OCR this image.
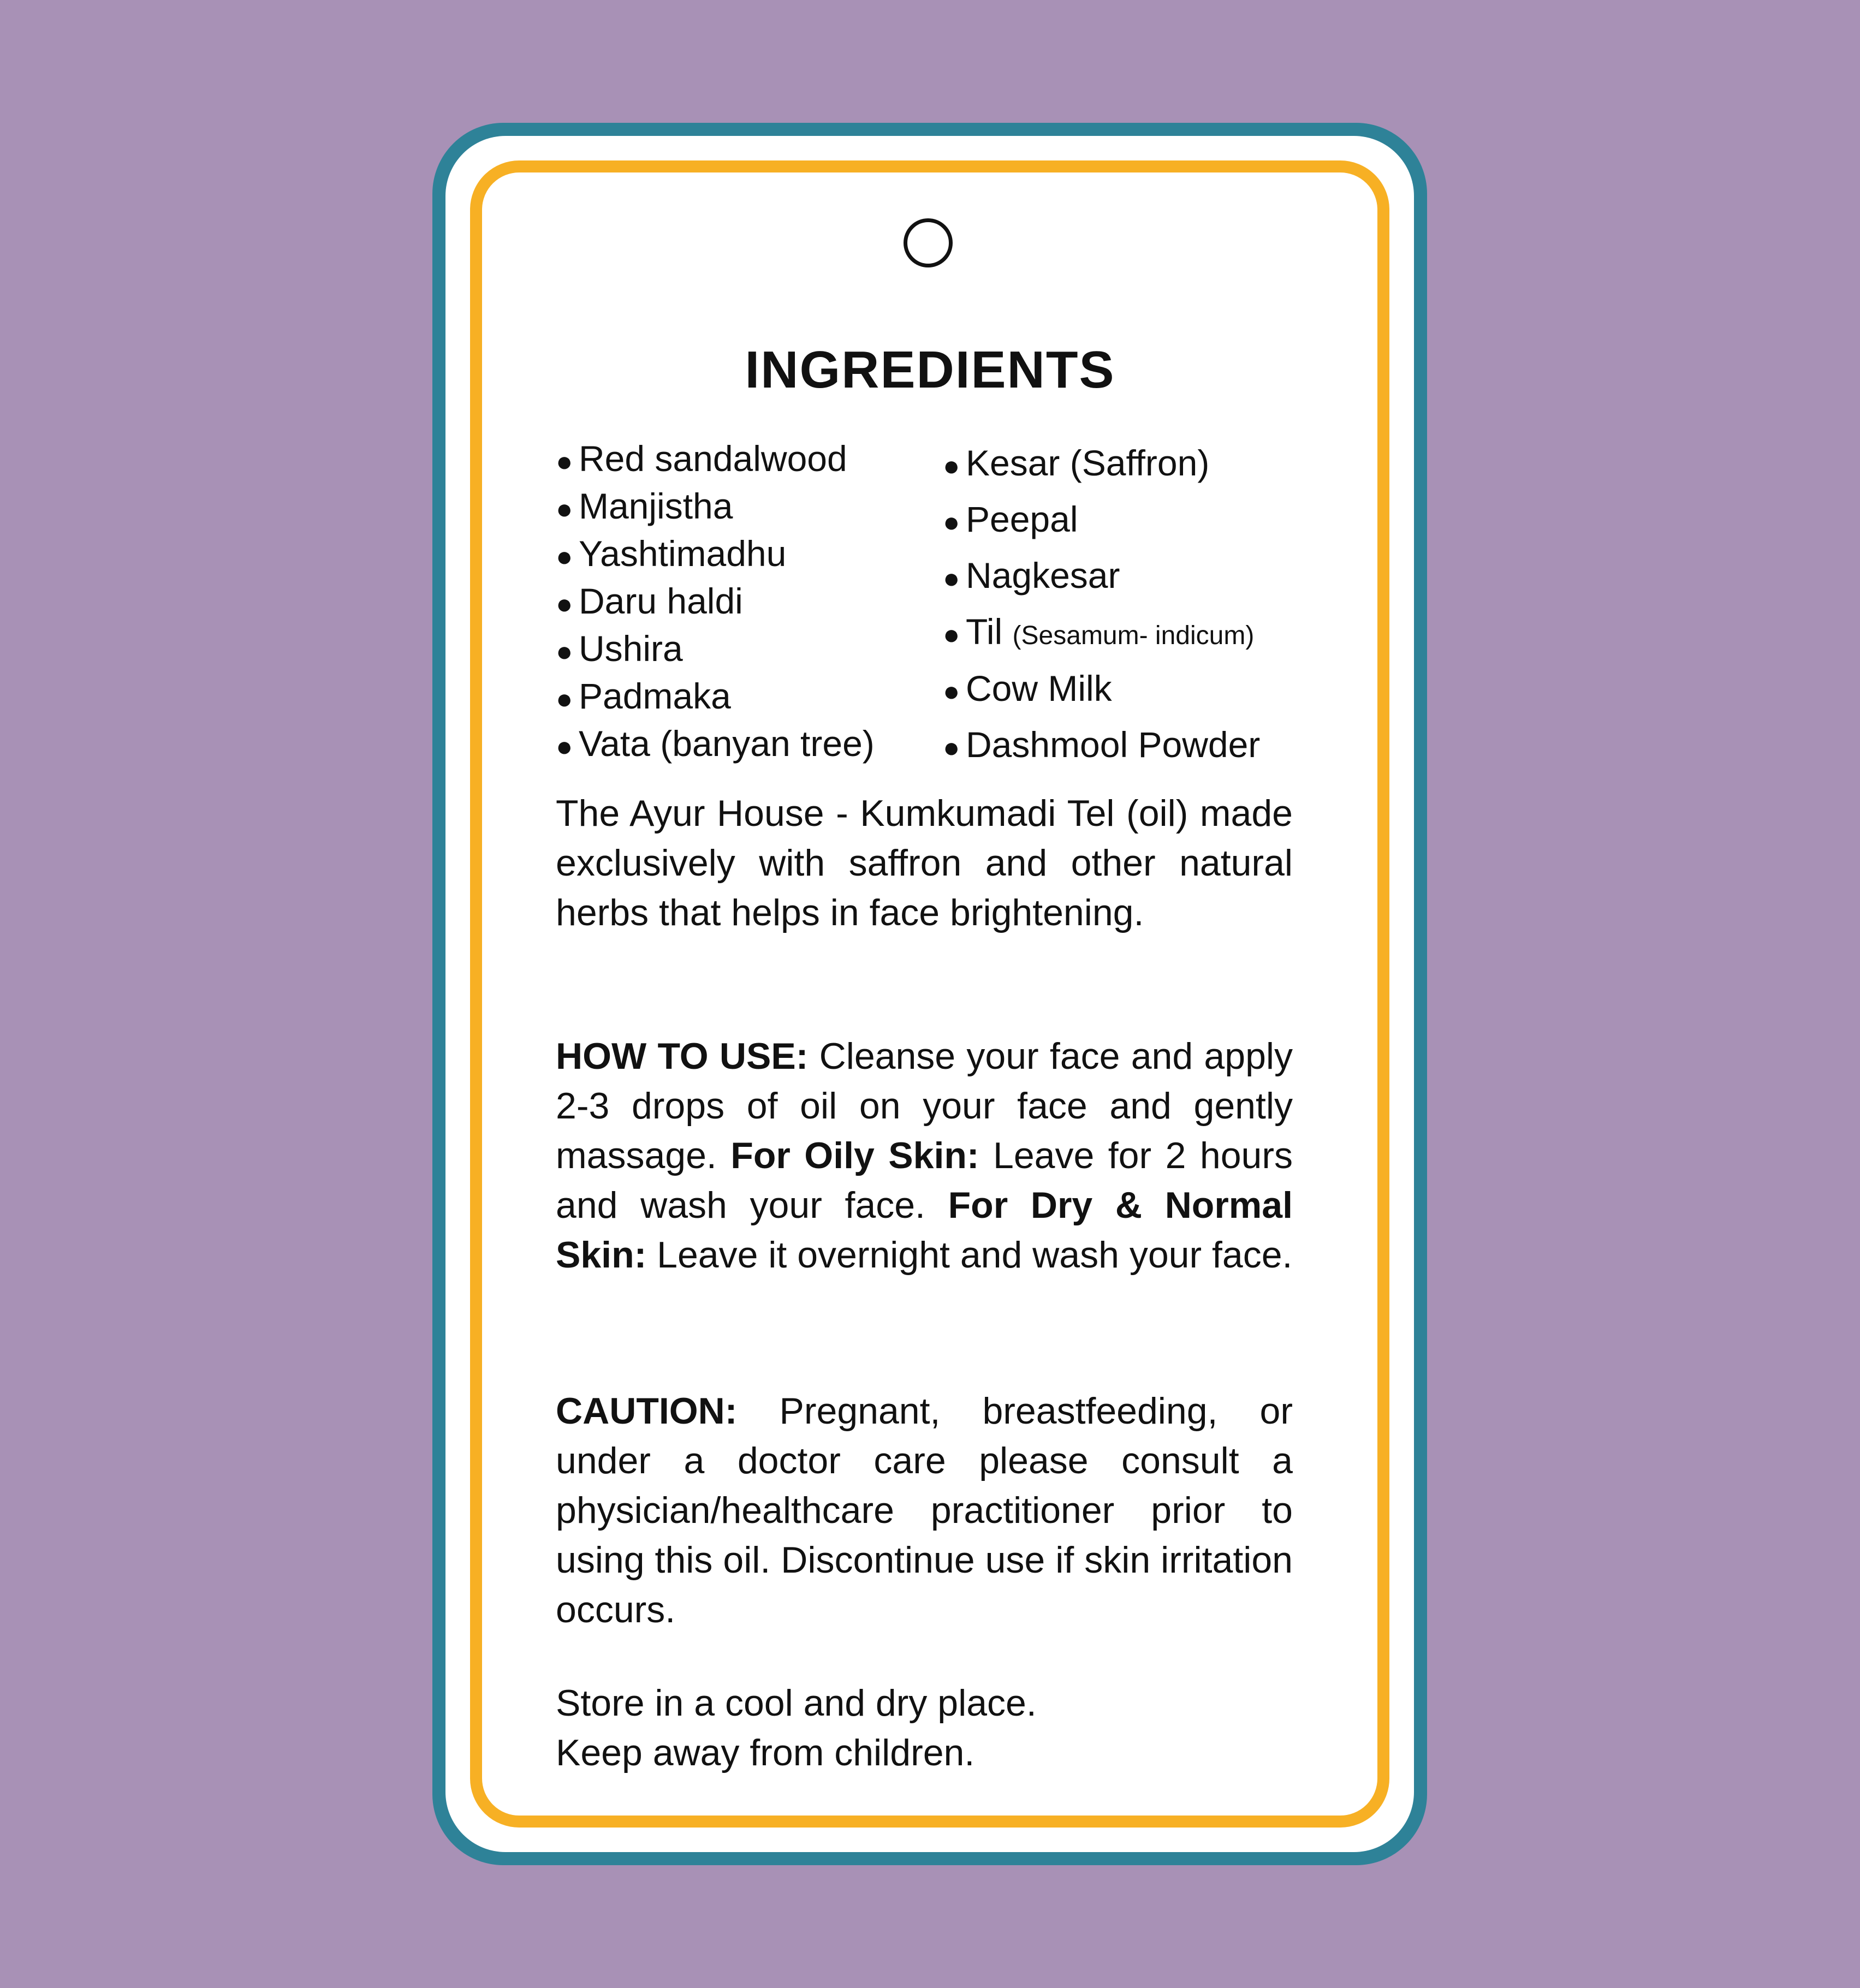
INGREDIENTS
● Red sandalwood
● Manjistha
● Yashtimadhu
● Daru haldi
● Ushira
● Padmaka
● Vata (banyan tree)
● Kesar (Saffron)
● Peepal
● Nagkesar
● Til (Sesamum- indicum)
● Cow Milk
● Dashmool Powder

The Ayur House - Kumkumadi Tel (oil) made exclusively with saffron and other natural herbs that helps in face brightening.

HOW TO USE: Cleanse your face and apply 2-3 drops of oil on your face and gently massage. For Oily Skin: Leave for 2 hours and wash your face. For Dry & Normal Skin: Leave it overnight and wash your face.

CAUTION: Pregnant, breastfeeding, or under a doctor care please consult a physician/healthcare practitioner prior to using this oil. Discontinue use if skin irritation occurs.

Store in a cool and dry place.
Keep away from children.
